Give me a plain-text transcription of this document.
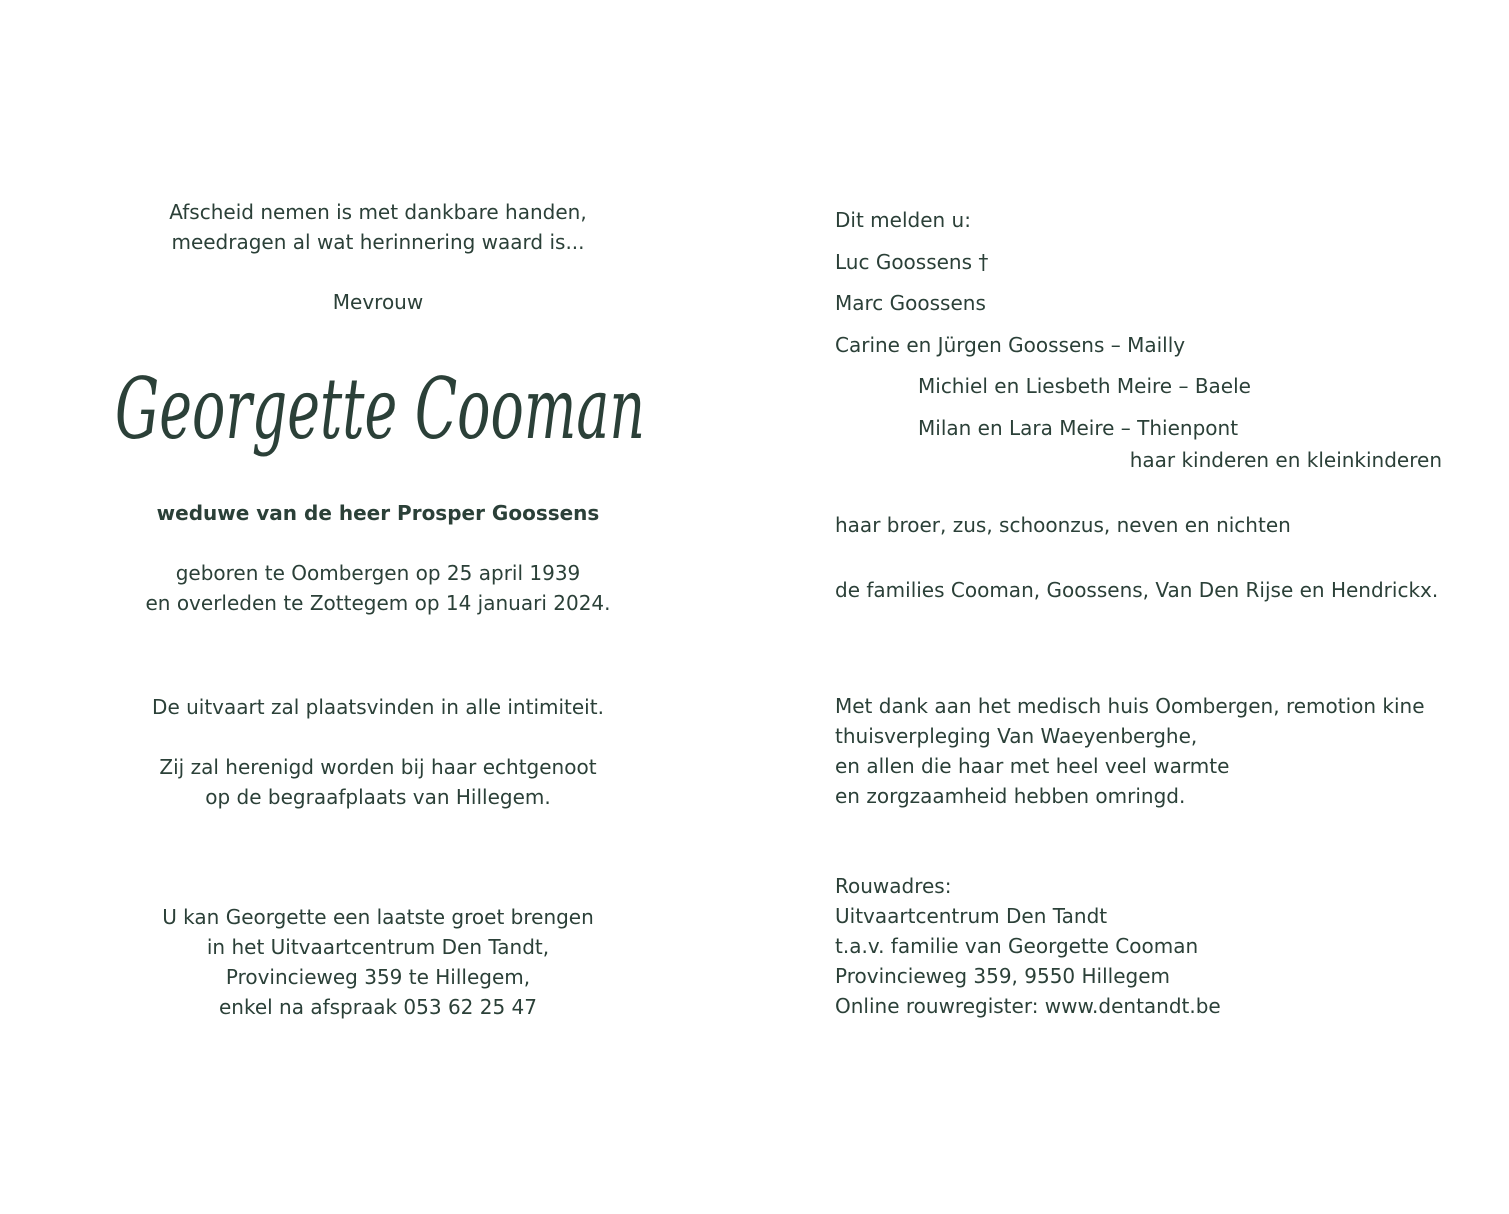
Afscheid nemen is met dankbare handen,
meedragen al wat herinnering waard is...
Mevrouw
Georgette Cooman
weduwe van de heer Prosper Goossens
geboren te Oombergen op 25 april 1939
en overleden te Zottegem op 14 januari 2024.
De uitvaart zal plaatsvinden in alle intimiteit.
Zij zal herenigd worden bij haar echtgenoot
op de begraafplaats van Hillegem.
U kan Georgette een laatste groet brengen
in het Uitvaartcentrum Den Tandt,
Provincieweg 359 te Hillegem,
enkel na afspraak 053 62 25 47
Dit melden u:
Luc Goossens †
Marc Goossens
Carine en Jürgen Goossens – Mailly
Michiel en Liesbeth Meire – Baele
Milan en Lara Meire – Thienpont
haar kinderen en kleinkinderen
haar broer, zus, schoonzus, neven en nichten
de families Cooman, Goossens, Van Den Rijse en Hendrickx.
Met dank aan het medisch huis Oombergen, remotion kine
thuisverpleging Van Waeyenberghe,
en allen die haar met heel veel warmte
en zorgzaamheid hebben omringd.
Rouwadres:
Uitvaartcentrum Den Tandt
t.a.v. familie van Georgette Cooman
Provincieweg 359, 9550 Hillegem
Online rouwregister: www.dentandt.be
